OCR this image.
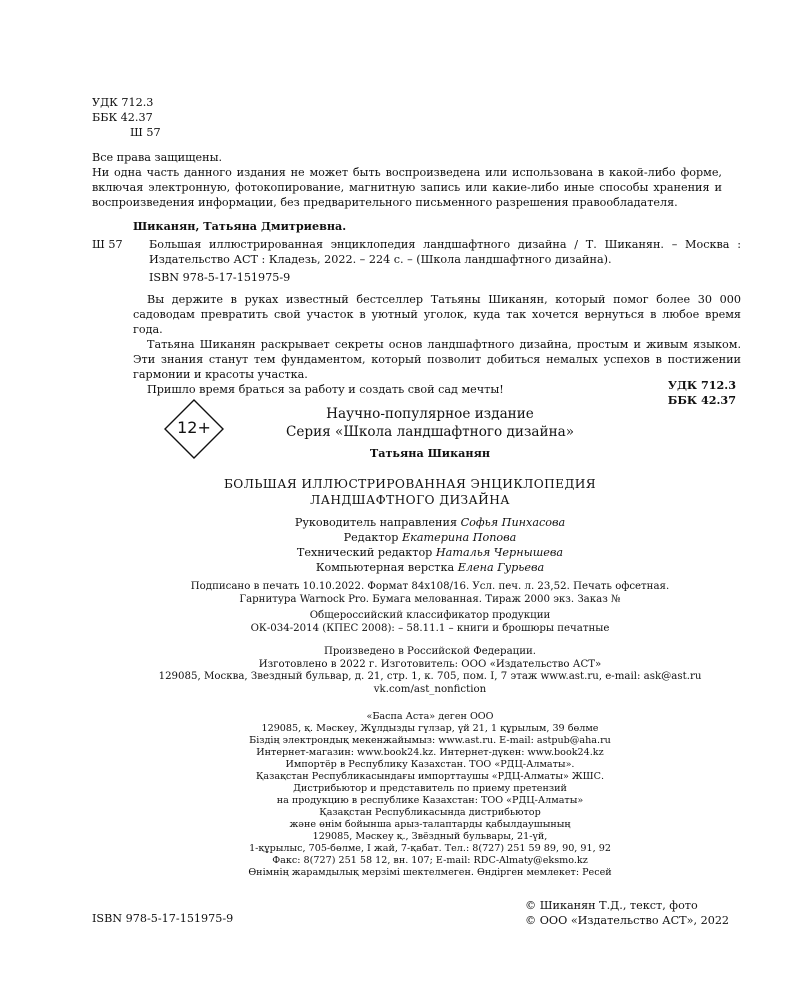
УДК 712.3
ББК 42.37
Ш 57
Все права защищены.
Ни одна часть данного издания не может быть воспроизведена или использована в какой-либо форме, включая электронную, фотокопирование, магнитную запись или какие-либо иные способы хранения и воспроизведения информации, без предварительного письменного разрешения правообладателя.
Шиканян, Татьяна Дмитриевна.
Ш 57 Большая иллюстрированная энциклопедия ландшафтного дизайна / Т. Шиканян. – Москва :
Издательство АСТ : Кладезь, 2022. – 224 с. – (Школа ландшафтного дизайна).
ISBN 978-5-17-151975-9
Вы держите в руках известный бестселлер Татьяны Шиканян, который помог более 30 000 садоводам превратить свой участок в уютный уголок, куда так хочется вернуться в любое время года.
Татьяна Шиканян раскрывает секреты основ ландшафтного дизайна, простым и живым языком. Эти знания станут тем фундаментом, который позволит добиться немалых успехов в постижении гармонии и красоты участка.
Пришло время браться за работу и создать свой сад мечты!	УДК 712.3
ББК 42.37
12+
Научно-популярное издание
Серия «Школа ландшафтного дизайна»
Татьяна Шиканян
БОЛЬШАЯ ИЛЛЮСТРИРОВАННАЯ ЭНЦИКЛОПЕДИЯ
ЛАНДШАФТНОГО ДИЗАЙНА
Руководитель направления Софья Пинхасова
Редактор Екатерина Попова
Технический редактор Наталья Чернышева
Компьютерная верстка Елена Гурьева
Подписано в печать 10.10.2022. Формат 84х108/16. Усл. печ. л. 23,52. Печать офсетная.
Гарнитура Warnock Pro. Бумага мелованная. Тираж 2000 экз. Заказ №
Общероссийский классификатор продукции
ОК-034-2014 (КПЕС 2008): – 58.11.1 – книги и брошюры печатные
Произведено в Российской Федерации.
Изготовлено в 2022 г. Изготовитель: ООО «Издательство АСТ»
129085, Москва, Звездный бульвар, д. 21, стр. 1, к. 705, пом. I, 7 этаж www.ast.ru, e-mail: ask@ast.ru
vk.com/ast_nonfiction
«Баспа Аста» деген ООО
129085, қ. Мәскеу, Жұлдызды гүлзар, үй 21, 1 құрылым, 39 бөлме
Біздің электрондық мекенжайымыз: www.ast.ru. E-mail: astpub@aha.ru
Интернет-магазин: www.book24.kz. Интернет-дүкен: www.book24.kz
Импортёр в Республику Казахстан. ТОО «РДЦ-Алматы».
Қазақстан Республикасындағы импорттаушы «РДЦ-Алматы» ЖШС.
Дистрибьютор и представитель по приему претензий
на продукцию в республике Казахстан: ТОО «РДЦ-Алматы»
Қазақстан Республикасында дистрибьютор
және өнім бойынша арыз-талаптарды қабылдаушының
129085, Мәскеу қ., Звёздный бульвары, 21-үй,
1-құрылыс, 705-бөлме, I жай, 7-қабат. Тел.: 8(727) 251 59 89, 90, 91, 92
Факс: 8(727) 251 58 12, вн. 107; E-mail: RDC-Almaty@eksmo.kz
Өнімнің жарамдылық мерзімі шектелмеген. Өндірген мемлекет: Ресей
ISBN 978-5-17-151975-9
© Шиканян Т.Д., текст, фото
© ООО «Издательство АСТ», 2022
